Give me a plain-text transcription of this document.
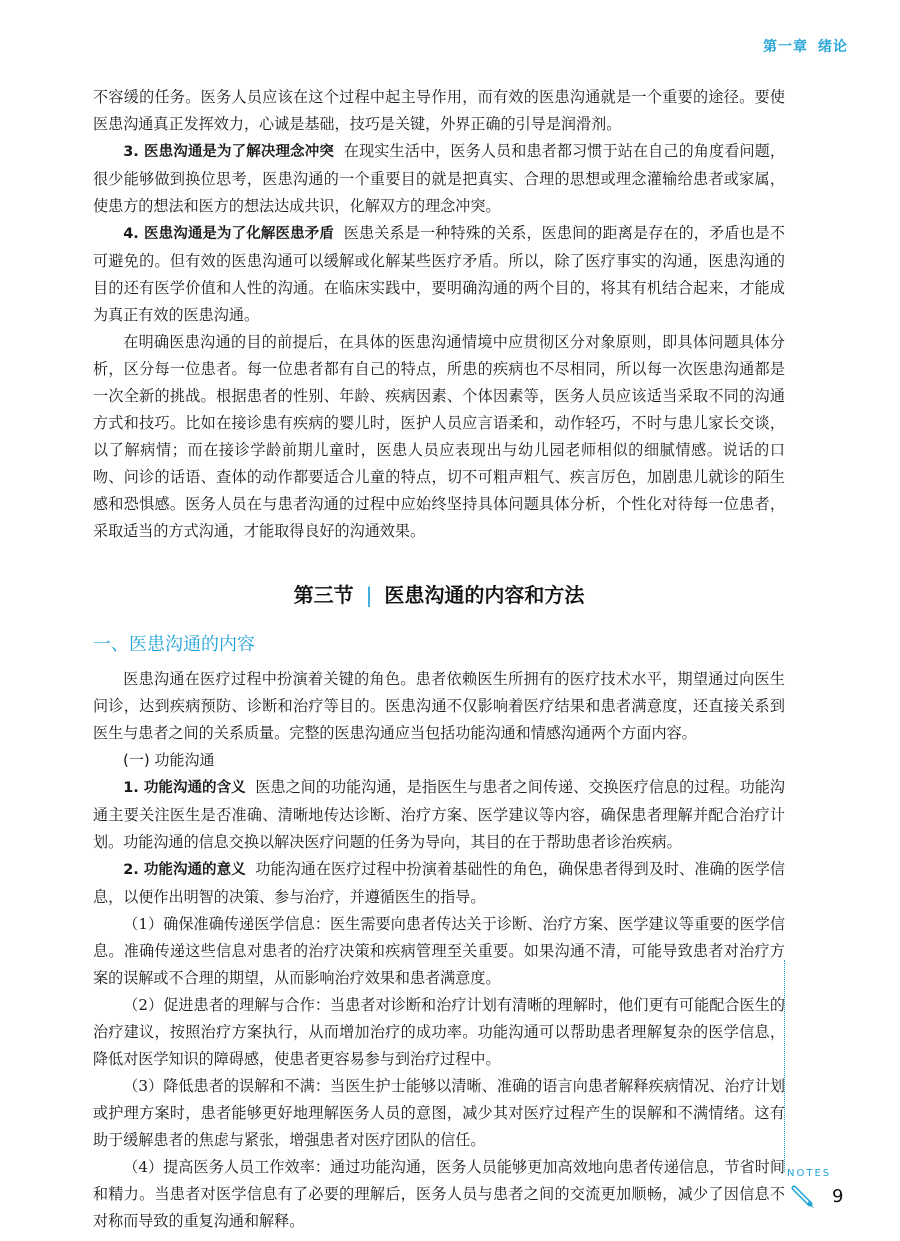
第一章 绪论

不容缓的任务。医务人员应该在这个过程中起主导作用，而有效的医患沟通就是一个重要的途径。要使医患沟通真正发挥效力，心诚是基础，技巧是关键，外界正确的引导是润滑剂。

3. 医患沟通是为了解决理念冲突 在现实生活中，医务人员和患者都习惯于站在自己的角度看问题，很少能够做到换位思考，医患沟通的一个重要目的就是把真实、合理的思想或理念灌输给患者或家属，使患方的想法和医方的想法达成共识，化解双方的理念冲突。

4. 医患沟通是为了化解医患矛盾 医患关系是一种特殊的关系，医患间的距离是存在的，矛盾也是不可避免的。但有效的医患沟通可以缓解或化解某些医疗矛盾。所以，除了医疗事实的沟通，医患沟通的目的还有医学价值和人性的沟通。在临床实践中，要明确沟通的两个目的，将其有机结合起来，才能成为真正有效的医患沟通。

在明确医患沟通的目的前提后，在具体的医患沟通情境中应贯彻区分对象原则，即具体问题具体分析，区分每一位患者。每一位患者都有自己的特点，所患的疾病也不尽相同，所以每一次医患沟通都是一次全新的挑战。根据患者的性别、年龄、疾病因素、个体因素等，医务人员应该适当采取不同的沟通方式和技巧。比如在接诊患有疾病的婴儿时，医护人员应言语柔和，动作轻巧，不时与患儿家长交谈，以了解病情；而在接诊学龄前期儿童时，医患人员应表现出与幼儿园老师相似的细腻情感。说话的口吻、问诊的话语、查体的动作都要适合儿童的特点，切不可粗声粗气、疾言厉色，加剧患儿就诊的陌生感和恐惧感。医务人员在与患者沟通的过程中应始终坚持具体问题具体分析，个性化对待每一位患者，采取适当的方式沟通，才能取得良好的沟通效果。

第三节 | 医患沟通的内容和方法
一、医患沟通的内容

医患沟通在医疗过程中扮演着关键的角色。患者依赖医生所拥有的医疗技术水平，期望通过向医生问诊，达到疾病预防、诊断和治疗等目的。医患沟通不仅影响着医疗结果和患者满意度，还直接关系到医生与患者之间的关系质量。完整的医患沟通应当包括功能沟通和情感沟通两个方面内容。

(一) 功能沟通

1. 功能沟通的含义 医患之间的功能沟通，是指医生与患者之间传递、交换医疗信息的过程。功能沟通主要关注医生是否准确、清晰地传达诊断、治疗方案、医学建议等内容，确保患者理解并配合治疗计划。功能沟通的信息交换以解决医疗问题的任务为导向，其目的在于帮助患者诊治疾病。

2. 功能沟通的意义 功能沟通在医疗过程中扮演着基础性的角色，确保患者得到及时、准确的医学信息，以便作出明智的决策、参与治疗，并遵循医生的指导。

（1）确保准确传递医学信息：医生需要向患者传达关于诊断、治疗方案、医学建议等重要的医学信息。准确传递这些信息对患者的治疗决策和疾病管理至关重要。如果沟通不清，可能导致患者对治疗方案的误解或不合理的期望，从而影响治疗效果和患者满意度。

（2）促进患者的理解与合作：当患者对诊断和治疗计划有清晰的理解时，他们更有可能配合医生的治疗建议，按照治疗方案执行，从而增加治疗的成功率。功能沟通可以帮助患者理解复杂的医学信息，降低对医学知识的障碍感，使患者更容易参与到治疗过程中。

（3）降低患者的误解和不满：当医生护士能够以清晰、准确的语言向患者解释疾病情况、治疗计划或护理方案时，患者能够更好地理解医务人员的意图，减少其对医疗过程产生的误解和不满情绪。这有助于缓解患者的焦虑与紧张，增强患者对医疗团队的信任。

（4）提高医务人员工作效率：通过功能沟通，医务人员能够更加高效地向患者传递信息，节省时间和精力。当患者对医学信息有了必要的理解后，医务人员与患者之间的交流更加顺畅，减少了因信息不对称而导致的重复沟通和解释。

NOTES
9
